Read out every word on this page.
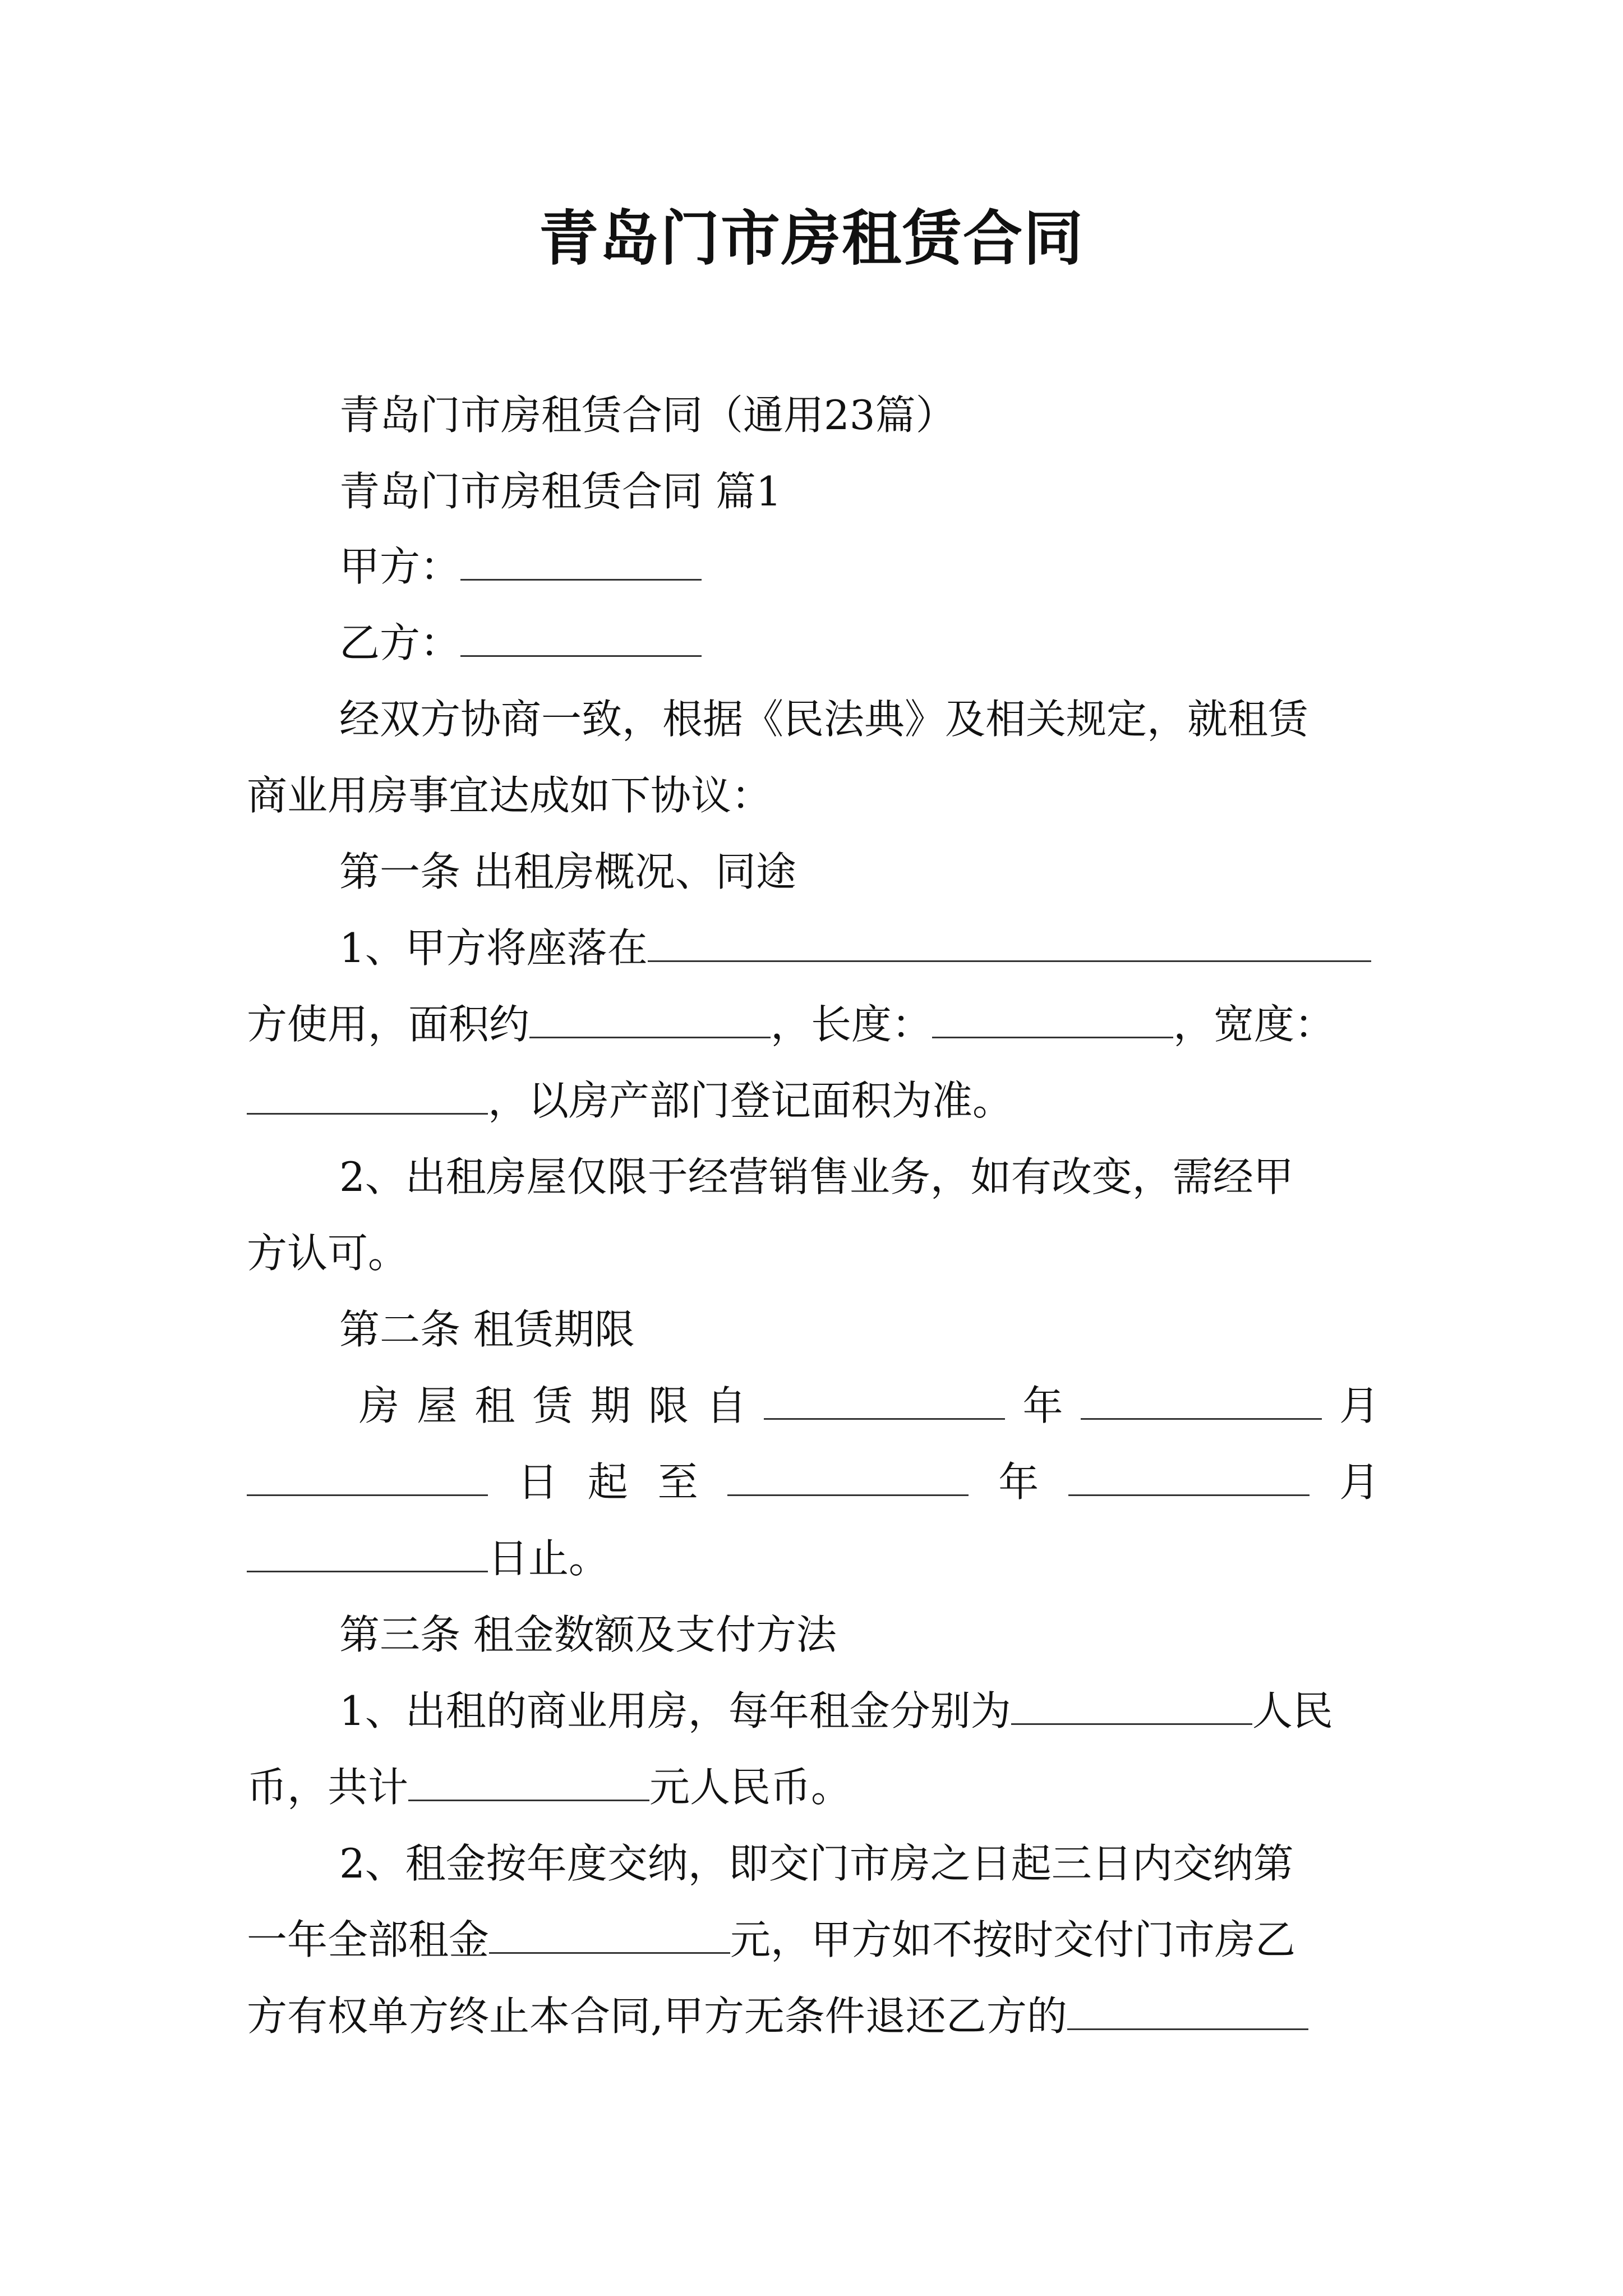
青岛门市房租赁合同
青岛门市房租赁合同（通用23篇）
青岛门市房租赁合同 篇1
甲方：
乙方：
经双方协商一致，根据《民法典》及相关规定，就租赁
商业用房事宜达成如下协议：
第一条 出租房概况、同途
1、甲方将座落在
方使用，面积约	，长度：	，宽度：
，以房产部门登记面积为准。
2、出租房屋仅限于经营销售业务，如有改变，需经甲
方认可。
第二条 租赁期限
房 屋 租 赁 期 限 自	年	月
日 起 至	年	月
日止。
第三条 租金数额及支付方法
1、出租的商业用房，每年租金分别为	人民
币，共计	元人民币。
2、租金按年度交纳，即交门市房之日起三日内交纳第
一年全部租金	元，甲方如不按时交付门市房乙
方有权单方终止本合同,甲方无条件退还乙方的
